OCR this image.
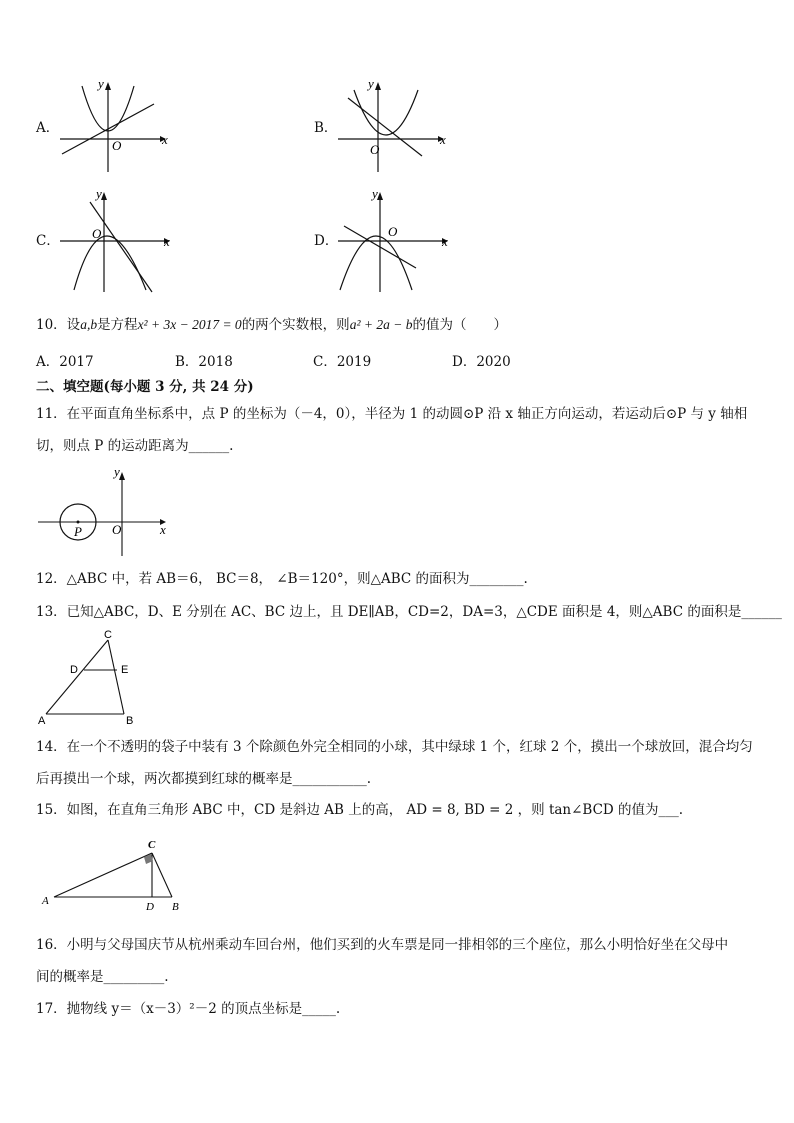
A．
x
y
O
B．
x
y
O
C．	x
y
O	D．	x
y
O
10．设a,b是方程x² + 3x − 2017 = 0的两个实数根，则a² + 2a − b的值为（　　）
A．2017	B．2018	C．2019	D．2020
二、填空题(每小题 3 分, 共 24 分)
11．在平面直角坐标系中，点 P 的坐标为（－4，0），半径为 1 的动圆⊙P 沿 x 轴正方向运动，若运动后⊙P 与 y 轴相
切，则点 P 的运动距离为______.
x
y
O
P
12．△ABC 中，若 AB＝6， BC＝8， ∠B＝120°，则△ABC 的面积为________.
13．已知△ABC，D、E 分别在 AC、BC 边上，且 DE∥AB，CD=2，DA=3，△CDE 面积是 4，则△ABC 的面积是______
C
D	E
A	B
14．在一个不透明的袋子中装有 3 个除颜色外完全相同的小球，其中绿球 1 个，红球 2 个，摸出一个球放回，混合均匀
后再摸出一个球，两次都摸到红球的概率是___________.
15．如图，在直角三角形 ABC 中，CD 是斜边 AB 上的高， AD = 8, BD = 2 ，则 tan∠BCD 的值为___.
C
A	D B
16．小明与父母国庆节从杭州乘动车回台州，他们买到的火车票是同一排相邻的三个座位，那么小明恰好坐在父母中
间的概率是_________.
17．抛物线 y＝（x－3）²－2 的顶点坐标是_____.
